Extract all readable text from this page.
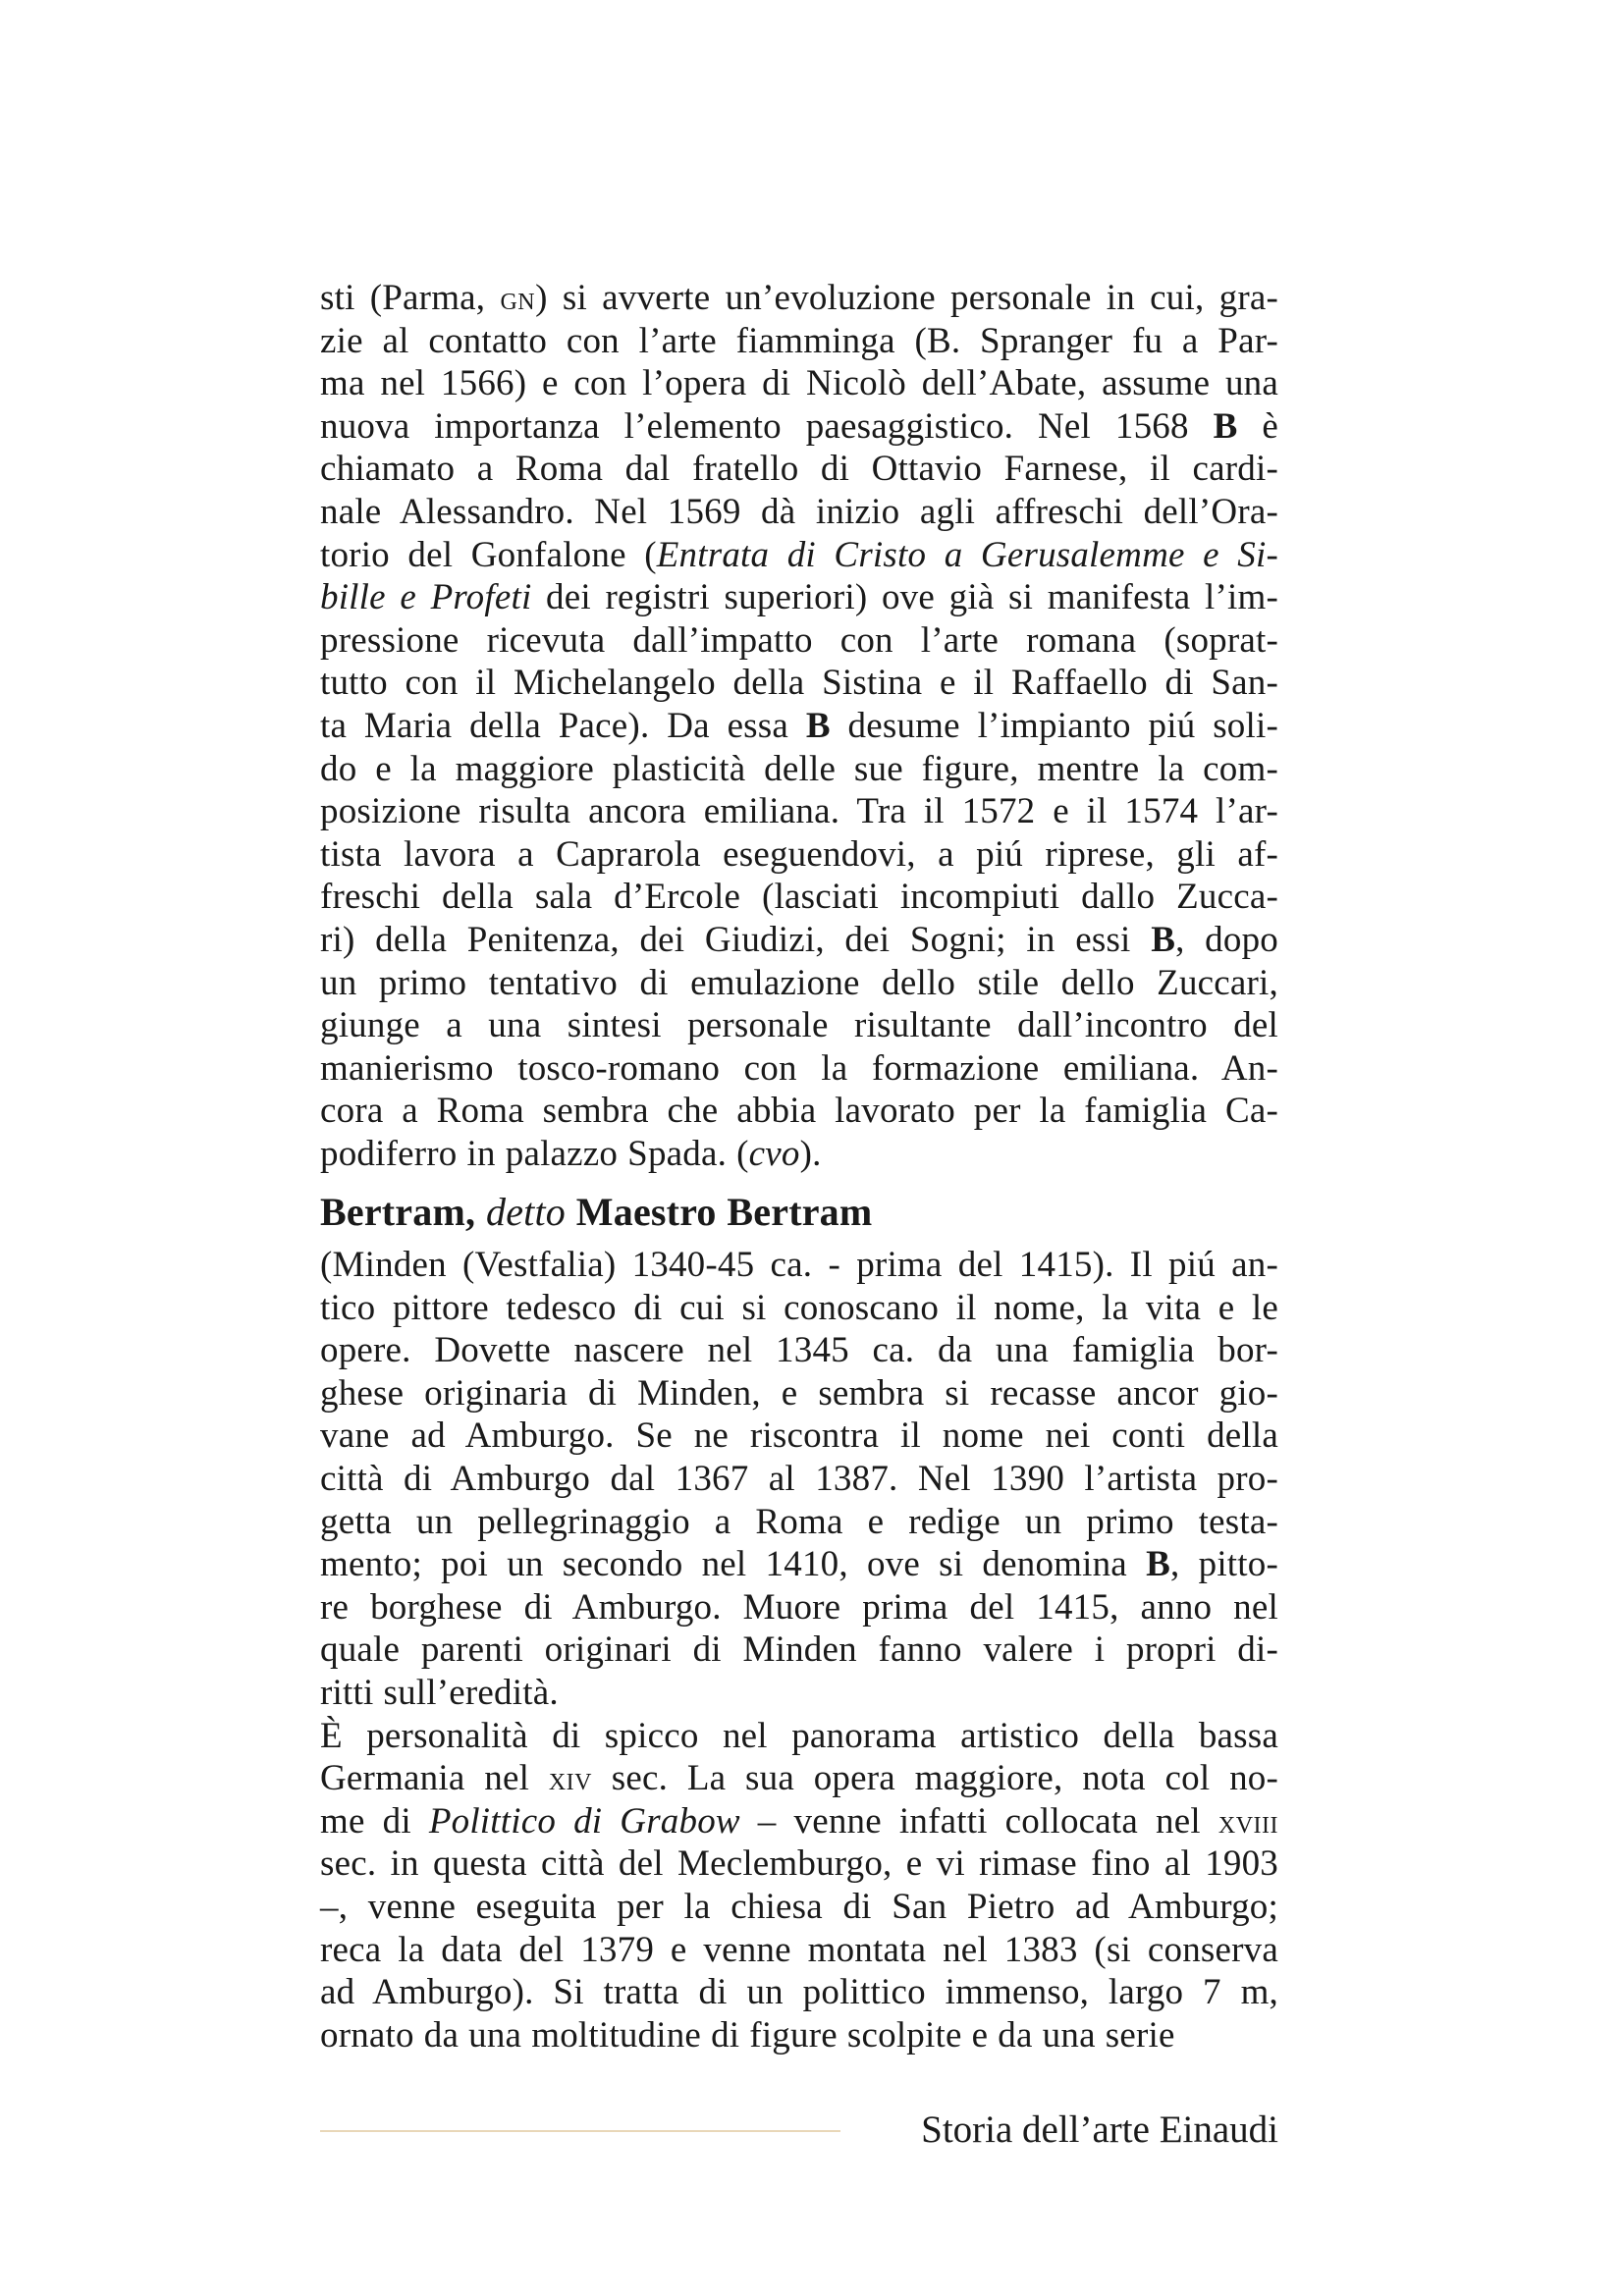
sti (Parma, gn) si avverte un’evoluzione personale in cui, gra-
zie al contatto con l’arte fiamminga (B. Spranger fu a Par-
ma nel 1566) e con l’opera di Nicolò dell’Abate, assume una
nuova importanza l’elemento paesaggistico. Nel 1568 B è
chiamato a Roma dal fratello di Ottavio Farnese, il cardi-
nale Alessandro. Nel 1569 dà inizio agli affreschi dell’Ora-
torio del Gonfalone (Entrata di Cristo a Gerusalemme e Si-
bille e Profeti dei registri superiori) ove già si manifesta l’im-
pressione ricevuta dall’impatto con l’arte romana (soprat-
tutto con il Michelangelo della Sistina e il Raffaello di San-
ta Maria della Pace). Da essa B desume l’impianto piú soli-
do e la maggiore plasticità delle sue figure, mentre la com-
posizione risulta ancora emiliana. Tra il 1572 e il 1574 l’ar-
tista lavora a Caprarola eseguendovi, a piú riprese, gli af-
freschi della sala d’Ercole (lasciati incompiuti dallo Zucca-
ri) della Penitenza, dei Giudizi, dei Sogni; in essi B, dopo
un primo tentativo di emulazione dello stile dello Zuccari,
giunge a una sintesi personale risultante dall’incontro del
manierismo tosco-romano con la formazione emiliana. An-
cora a Roma sembra che abbia lavorato per la famiglia Ca-
podiferro in palazzo Spada. (cvo).
Bertram, detto Maestro Bertram
(Minden (Vestfalia) 1340-45 ca. - prima del 1415). Il piú an-
tico pittore tedesco di cui si conoscano il nome, la vita e le
opere. Dovette nascere nel 1345 ca. da una famiglia bor-
ghese originaria di Minden, e sembra si recasse ancor gio-
vane ad Amburgo. Se ne riscontra il nome nei conti della
città di Amburgo dal 1367 al 1387. Nel 1390 l’artista pro-
getta un pellegrinaggio a Roma e redige un primo testa-
mento; poi un secondo nel 1410, ove si denomina B, pitto-
re borghese di Amburgo. Muore prima del 1415, anno nel
quale parenti originari di Minden fanno valere i propri di-
ritti sull’eredità.
È personalità di spicco nel panorama artistico della bassa
Germania nel xiv sec. La sua opera maggiore, nota col no-
me di Polittico di Grabow – venne infatti collocata nel xviii
sec. in questa città del Meclemburgo, e vi rimase fino al 1903
–, venne eseguita per la chiesa di San Pietro ad Amburgo;
reca la data del 1379 e venne montata nel 1383 (si conserva
ad Amburgo). Si tratta di un polittico immenso, largo 7 m,
ornato da una moltitudine di figure scolpite e da una serie
Storia dell’arte Einaudi
